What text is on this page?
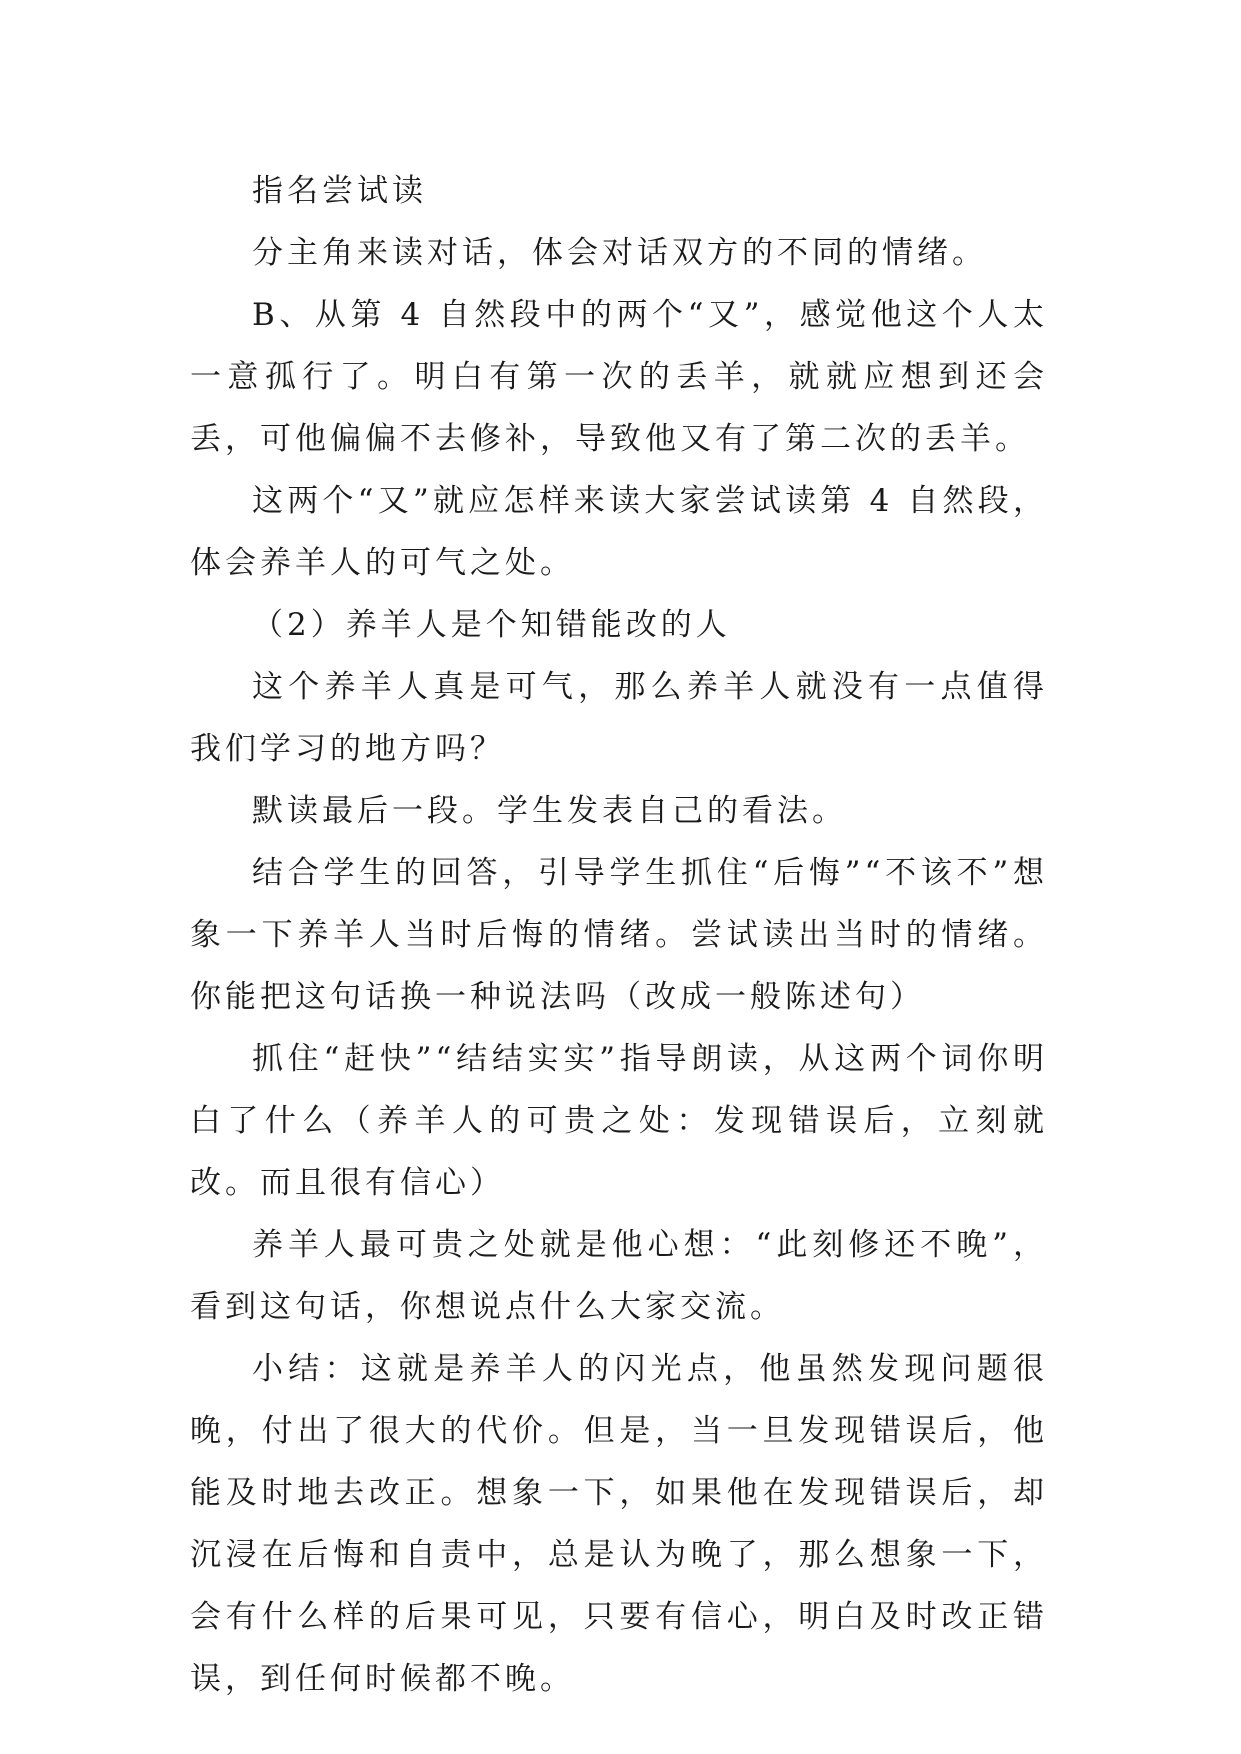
指名尝试读

分主角来读对话，体会对话双方的不同的情绪。

B、从第 4 自然段中的两个“又”，感觉他这个人太一意孤行了。明白有第一次的丢羊，就就应想到还会丢，可他偏偏不去修补，导致他又有了第二次的丢羊。

这两个“又”就应怎样来读大家尝试读第 4 自然段，体会养羊人的可气之处。

（2）养羊人是个知错能改的人

这个养羊人真是可气，那么养羊人就没有一点值得我们学习的地方吗？

默读最后一段。学生发表自己的看法。

结合学生的回答，引导学生抓住“后悔”“不该不”想象一下养羊人当时后悔的情绪。尝试读出当时的情绪。你能把这句话换一种说法吗（改成一般陈述句）

抓住“赶快”“结结实实”指导朗读，从这两个词你明白了什么（养羊人的可贵之处：发现错误后，立刻就改。而且很有信心）

养羊人最可贵之处就是他心想：“此刻修还不晚”，看到这句话，你想说点什么大家交流。

小结：这就是养羊人的闪光点，他虽然发现问题很晚，付出了很大的代价。但是，当一旦发现错误后，他能及时地去改正。想象一下，如果他在发现错误后，却沉浸在后悔和自责中，总是认为晚了，那么想象一下，会有什么样的后果可见，只要有信心，明白及时改正错误，到任何时候都不晚。
